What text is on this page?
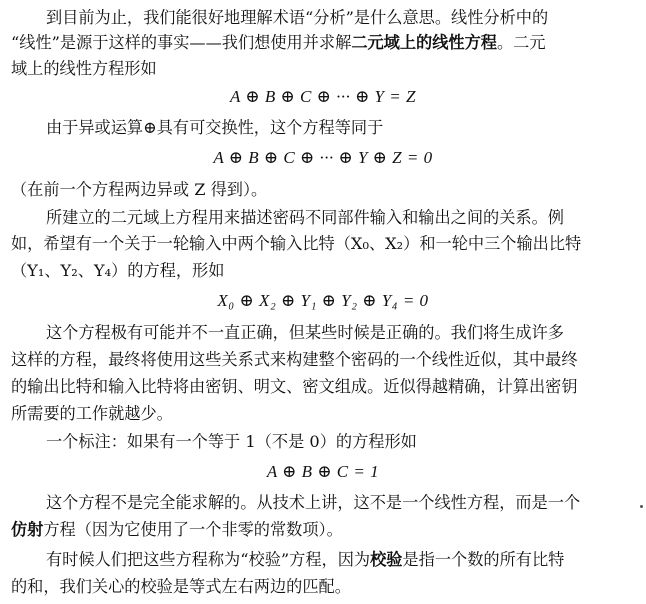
到目前为止，我们能很好地理解术语“分析”是什么意思。线性分析中的
“线性”是源于这样的事实——我们想使用并求解二元域上的线性方程。二元
域上的线性方程形如
A ⊕ B ⊕ C ⊕ ··· ⊕ Y = Z
由于异或运算⊕具有可交换性，这个方程等同于
A ⊕ B ⊕ C ⊕ ··· ⊕ Y ⊕ Z = 0
（在前一个方程两边异或 Z 得到）。
所建立的二元域上方程用来描述密码不同部件输入和输出之间的关系。例
如，希望有一个关于一轮输入中两个输入比特（X₀、X₂）和一轮中三个输出比特
（Y₁、Y₂、Y₄）的方程，形如
X₀ ⊕ X₂ ⊕ Y₁ ⊕ Y₂ ⊕ Y₄ = 0
这个方程极有可能并不一直正确，但某些时候是正确的。我们将生成许多
这样的方程，最终将使用这些关系式来构建整个密码的一个线性近似，其中最终
的输出比特和输入比特将由密钥、明文、密文组成。近似得越精确，计算出密钥
所需要的工作就越少。
一个标注：如果有一个等于 1（不是 0）的方程形如
A ⊕ B ⊕ C = 1
这个方程不是完全能求解的。从技术上讲，这不是一个线性方程，而是一个
仿射方程（因为它使用了一个非零的常数项）。
有时候人们把这些方程称为“校验”方程，因为校验是指一个数的所有比特
的和，我们关心的校验是等式左右两边的匹配。
